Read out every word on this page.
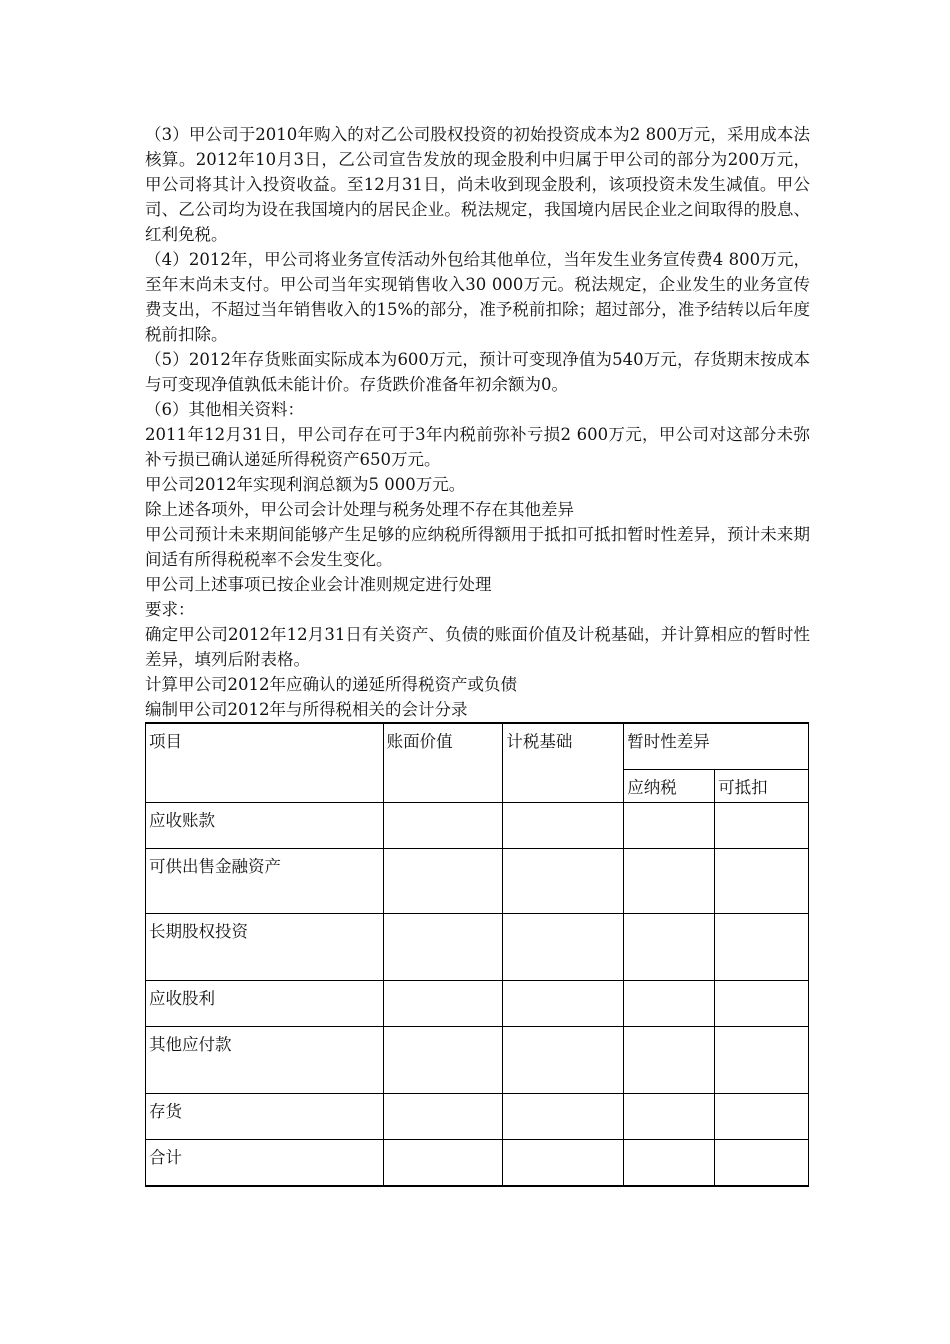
（3）甲公司于2010年购入的对乙公司股权投资的初始投资成本为2 800万元，采用成本法核算。2012年10月3日，乙公司宣告发放的现金股利中归属于甲公司的部分为200万元，甲公司将其计入投资收益。至12月31日，尚未收到现金股利，该项投资未发生减值。甲公司、乙公司均为设在我国境内的居民企业。税法规定，我国境内居民企业之间取得的股息、红利免税。

（4）2012年，甲公司将业务宣传活动外包给其他单位，当年发生业务宣传费4 800万元，至年末尚未支付。甲公司当年实现销售收入30 000万元。税法规定，企业发生的业务宣传费支出，不超过当年销售收入的15%的部分，准予税前扣除；超过部分，准予结转以后年度税前扣除。

（5）2012年存货账面实际成本为600万元，预计可变现净值为540万元，存货期末按成本与可变现净值孰低未能计价。存货跌价准备年初余额为0。

（6）其他相关资料：

2011年12月31日，甲公司存在可于3年内税前弥补亏损2 600万元，甲公司对这部分未弥补亏损已确认递延所得税资产650万元。

甲公司2012年实现利润总额为5 000万元。

除上述各项外，甲公司会计处理与税务处理不存在其他差异

甲公司预计未来期间能够产生足够的应纳税所得额用于抵扣可抵扣暂时性差异，预计未来期间适有所得税税率不会发生变化。

甲公司上述事项已按企业会计准则规定进行处理

要求：

确定甲公司2012年12月31日有关资产、负债的账面价值及计税基础，并计算相应的暂时性差异，填列后附表格。

计算甲公司2012年应确认的递延所得税资产或负债

编制甲公司2012年与所得税相关的会计分录

项目	账面价值	计税基础	暂时性差异	
			应纳税	可抵扣
应收账款				
可供出售金融资产				
长期股权投资				
应收股利				
其他应付款				
存货				
合计				
